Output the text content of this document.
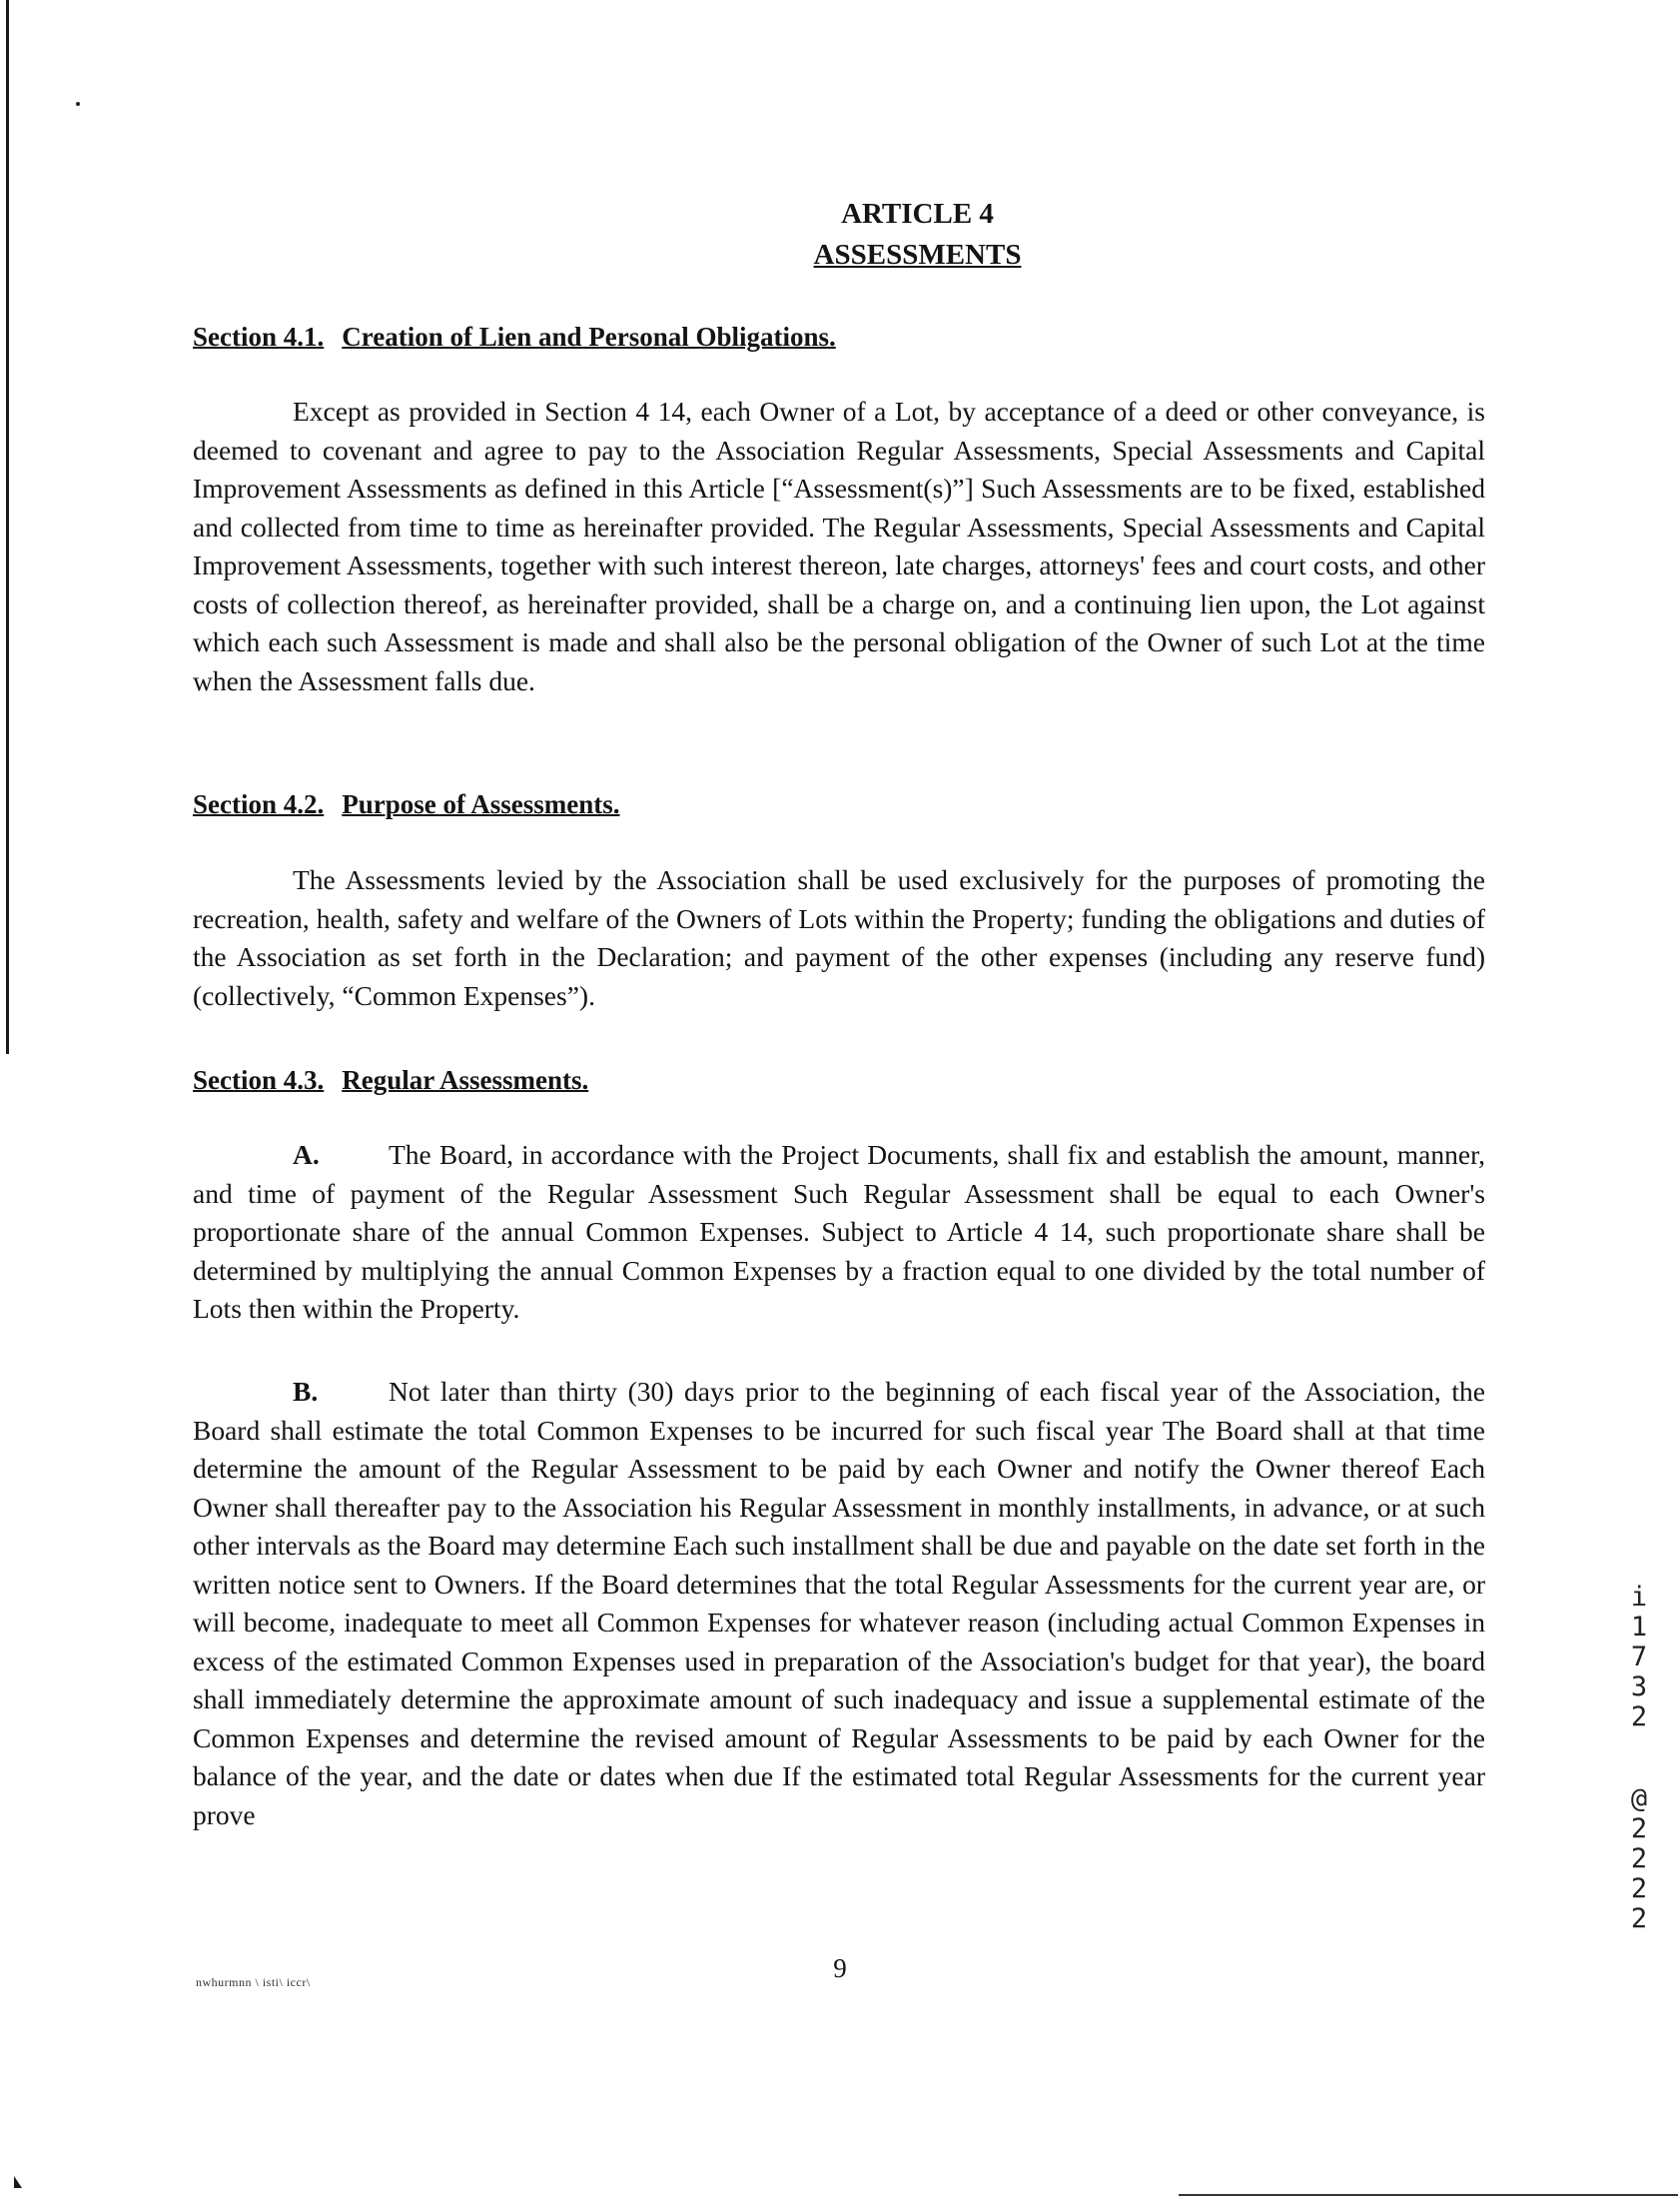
ARTICLE 4
ASSESSMENTS
Section 4.1. Creation of Lien and Personal Obligations.

Except as provided in Section 4 14, each Owner of a Lot, by acceptance of a deed or other conveyance, is deemed to covenant and agree to pay to the Association Regular Assessments, Special Assessments and Capital Improvement Assessments as defined in this Article [“Assessment(s)”] Such Assessments are to be fixed, established and collected from time to time as hereinafter provided. The Regular Assessments, Special Assessments and Capital Improvement Assessments, together with such interest thereon, late charges, attorneys' fees and court costs, and other costs of collection thereof, as hereinafter provided, shall be a charge on, and a continuing lien upon, the Lot against which each such Assessment is made and shall also be the personal obligation of the Owner of such Lot at the time when the Assessment falls due.

Section 4.2. Purpose of Assessments.

The Assessments levied by the Association shall be used exclusively for the purposes of promoting the recreation, health, safety and welfare of the Owners of Lots within the Property; funding the obligations and duties of the Association as set forth in the Declaration; and payment of the other expenses (including any reserve fund) (collectively, “Common Expenses”).

Section 4.3. Regular Assessments.

A.	The Board, in accordance with the Project Documents, shall fix and establish the amount, manner, and time of payment of the Regular Assessment Such Regular Assessment shall be equal to each Owner's proportionate share of the annual Common Expenses. Subject to Article 4 14, such proportionate share shall be determined by multiplying the annual Common Expenses by a fraction equal to one divided by the total number of Lots then within the Property.

B.	Not later than thirty (30) days prior to the beginning of each fiscal year of the Association, the Board shall estimate the total Common Expenses to be incurred for such fiscal year The Board shall at that time determine the amount of the Regular Assessment to be paid by each Owner and notify the Owner thereof Each Owner shall thereafter pay to the Association his Regular Assessment in monthly installments, in advance, or at such other intervals as the Board may determine Each such installment shall be due and payable on the date set forth in the written notice sent to Owners. If the Board determines that the total Regular Assessments for the current year are, or will become, inadequate to meet all Common Expenses for whatever reason (including actual Common Expenses in excess of the estimated Common Expenses used in preparation of the Association's budget for that year), the board shall immediately determine the approximate amount of such inadequacy and issue a supplemental estimate of the Common Expenses and determine the revised amount of Regular Assessments to be paid by each Owner for the balance of the year, and the date or dates when due If the estimated total Regular Assessments for the current year prove

9
nwhurmnn \ isti\ iccr\
i
1
7
3
2
@
2
2
2
2
